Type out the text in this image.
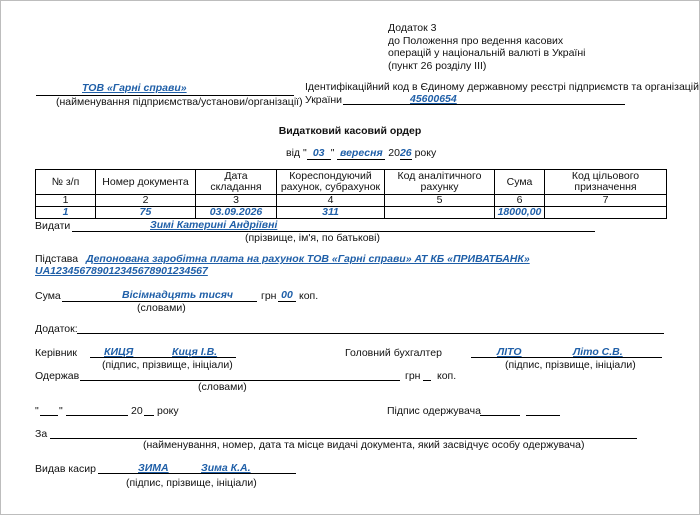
Додаток 3
до Положення про ведення касових
операцій у національній валюті в Україні
(пункт 26 розділу ІІІ)
ТОВ «Гарні справи»
(найменування підприємства/установи/організації)
Ідентифікаційний код в Єдиному державному реєстрі підприємств та організацій
України	45600654
Видатковий касовий ордер
від " 03 " вересня 2026 року
№ з/п	Номер документа	Дата складання	Кореспондуючий рахунок, субрахунок	Код аналітичного рахунку	Сума	Код цільового призначення
1	2	3	4	5	6	7
1	75	03.09.2026	311		18000,00	
Видати	Зимі Катерині Андріївні
(прізвище, ім'я, по батькові)
Підстава Депонована заробітна плата на рахунок ТОВ «Гарні справи» АТ КБ «ПРИВАТБАНК»
UA123456789012345678901234567
Сума	Вісімнадцять тисяч	грн 00 коп.
(словами)
Додаток:
Керівник	КИЦЯ	Киця І.В.
(підпис, прізвище, ініціали)
Головний бухгалтер	ЛІТО	Літо С.В.
(підпис, прізвище, ініціали)
Одержав	грн коп.
(словами)
" "	20 року	Підпис одержувача
За
(найменування, номер, дата та місце видачі документа, який засвідчує особу одержувача)
Видав касир	ЗИМА	Зима К.А.
(підпис, прізвище, ініціали)
